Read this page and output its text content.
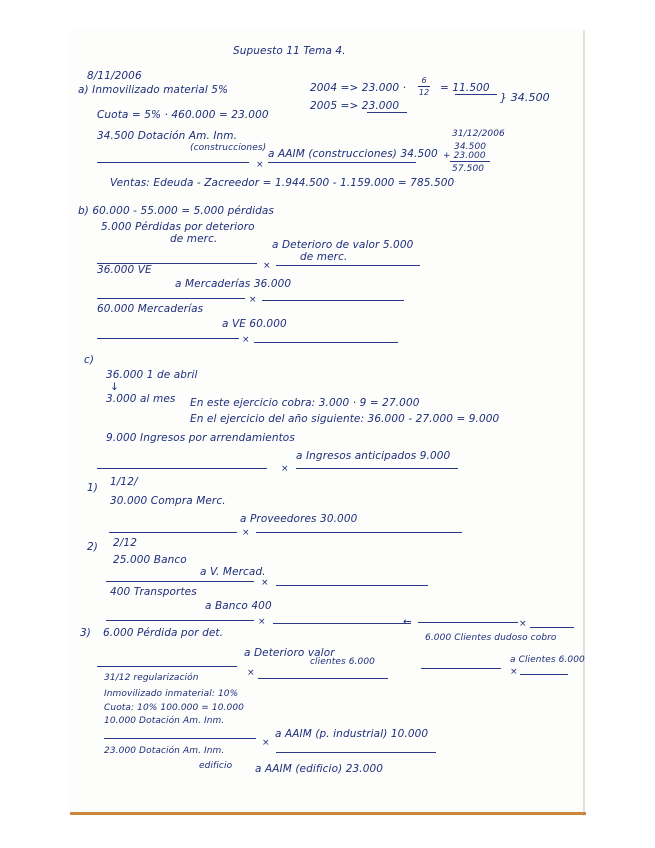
Supuesto 11 Tema 4.
8/11/2006
a) Inmovilizado material 5%	2004 => 23.000 ·
6
12 = 11.500
2005 => 23.000
} 34.500
Cuota = 5% · 460.000 = 23.000
34.500 Dotación Am. Inm.
(construcciones) a AAIM (construcciones) 34.500
×
31/12/2006
34.500
+ 23.000
57.500
Ventas: Edeuda - Zacreedor = 1.944.500 - 1.159.000 = 785.500
b) 60.000 - 55.000 = 5.000 pérdidas
5.000 Pérdidas por deterioro
de merc.	a Deterioro de valor 5.000
de merc.
×
36.000 VE
a Mercaderías 36.000
×
60.000 Mercaderías
a VE 60.000
×
c)
36.000 1 de abril
↓
3.000 al mes En este ejercicio cobra: 3.000 · 9 = 27.000
En el ejercicio del año siguiente: 36.000 - 27.000 = 9.000
9.000 Ingresos por arrendamientos
a Ingresos anticipados 9.000
×
1) 1/12/
30.000 Compra Merc.
a Proveedores 30.000
×
2) 2/12
25.000 Banco
a V. Mercad.
×
400 Transportes
a Banco 400
×	←	×
3) 6.000 Pérdida por det.
a Deterioro valor
clientes 6.000
×
6.000 Clientes dudoso cobro
a Clientes 6.000
×
31/12 regularización
Inmovilizado inmaterial: 10%
Cuota: 10% 100.000 = 10.000
10.000 Dotación Am. Inm.
a AAIM (p. industrial) 10.000
×
23.000 Dotación Am. Inm.
edificio a AAIM (edificio) 23.000
